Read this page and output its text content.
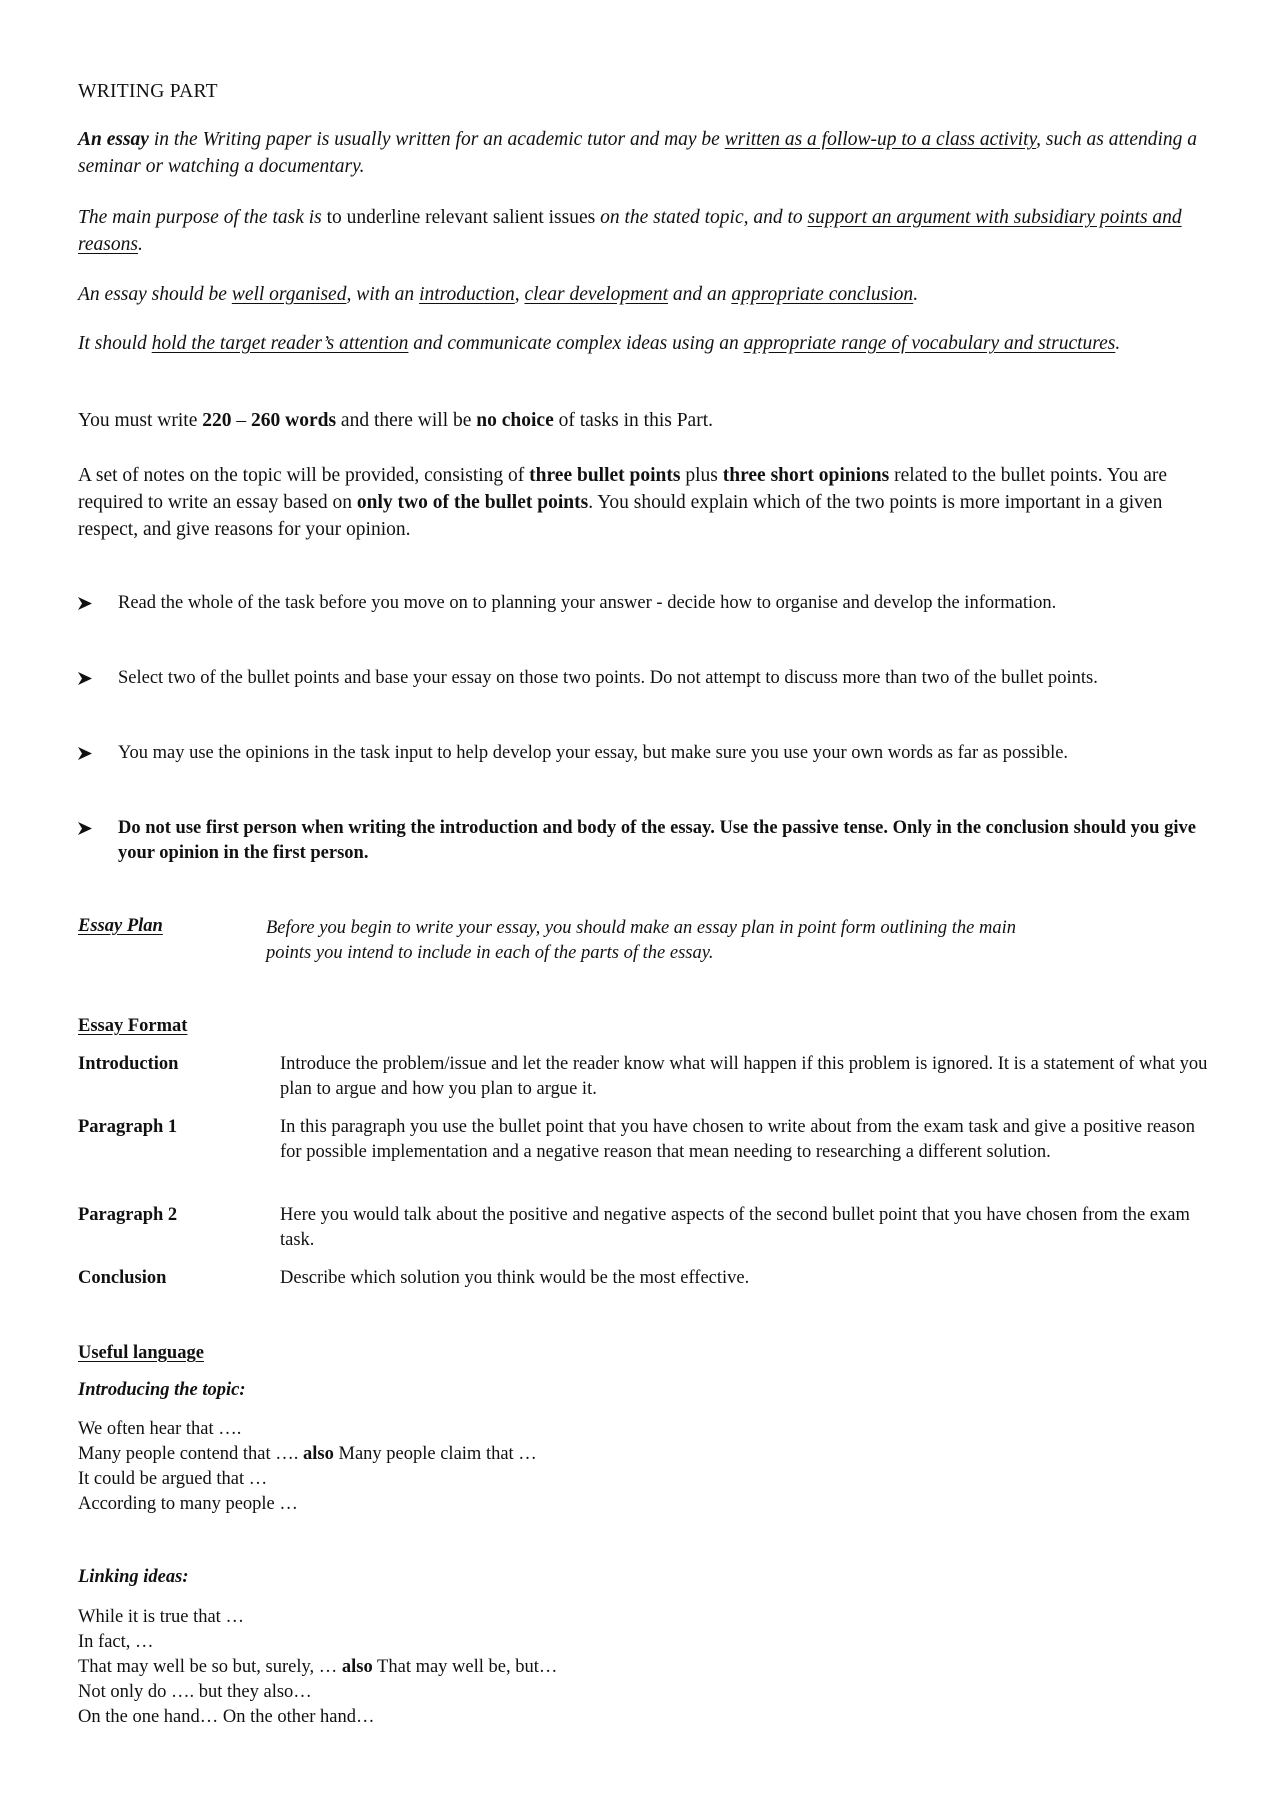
WRITING PART
An essay in the Writing paper is usually written for an academic tutor and may be written as a follow-up to a class activity, such as attending a seminar or watching a documentary.
The main purpose of the task is to underline relevant salient issues on the stated topic, and to support an argument with subsidiary points and reasons.
An essay should be well organised, with an introduction, clear development and an appropriate conclusion.
It should hold the target reader’s attention and communicate complex ideas using an appropriate range of vocabulary and structures.
You must write 220 – 260 words and there will be no choice of tasks in this Part.
A set of notes on the topic will be provided, consisting of three bullet points plus three short opinions related to the bullet points. You are required to write an essay based on only two of the bullet points. You should explain which of the two points is more important in a given respect, and give reasons for your opinion.
Read the whole of the task before you move on to planning your answer - decide how to organise and develop the information.
Select two of the bullet points and base your essay on those two points. Do not attempt to discuss more than two of the bullet points.
You may use the opinions in the task input to help develop your essay, but make sure you use your own words as far as possible.
Do not use first person when writing the introduction and body of the essay. Use the passive tense. Only in the conclusion should you give your opinion in the first person.
Essay Plan	Before you begin to write your essay, you should make an essay plan in point form outlining the main points you intend to include in each of the parts of the essay.
Essay Format
Introduction	Introduce the problem/issue and let the reader know what will happen if this problem is ignored. It is a statement of what you plan to argue and how you plan to argue it.
Paragraph 1	In this paragraph you use the bullet point that you have chosen to write about from the exam task and give a positive reason for possible implementation and a negative reason that mean needing to researching a different solution.
Paragraph 2	Here you would talk about the positive and negative aspects of the second bullet point that you have chosen from the exam task.
Conclusion	Describe which solution you think would be the most effective.
Useful language
Introducing the topic:
We often hear that ….
Many people contend that …. also Many people claim that …
It could be argued that …
According to many people …
Linking ideas:
While it is true that …
In fact, …
That may well be so but, surely, … also That may well be, but…
Not only do …. but they also…
On the one hand… On the other hand…
